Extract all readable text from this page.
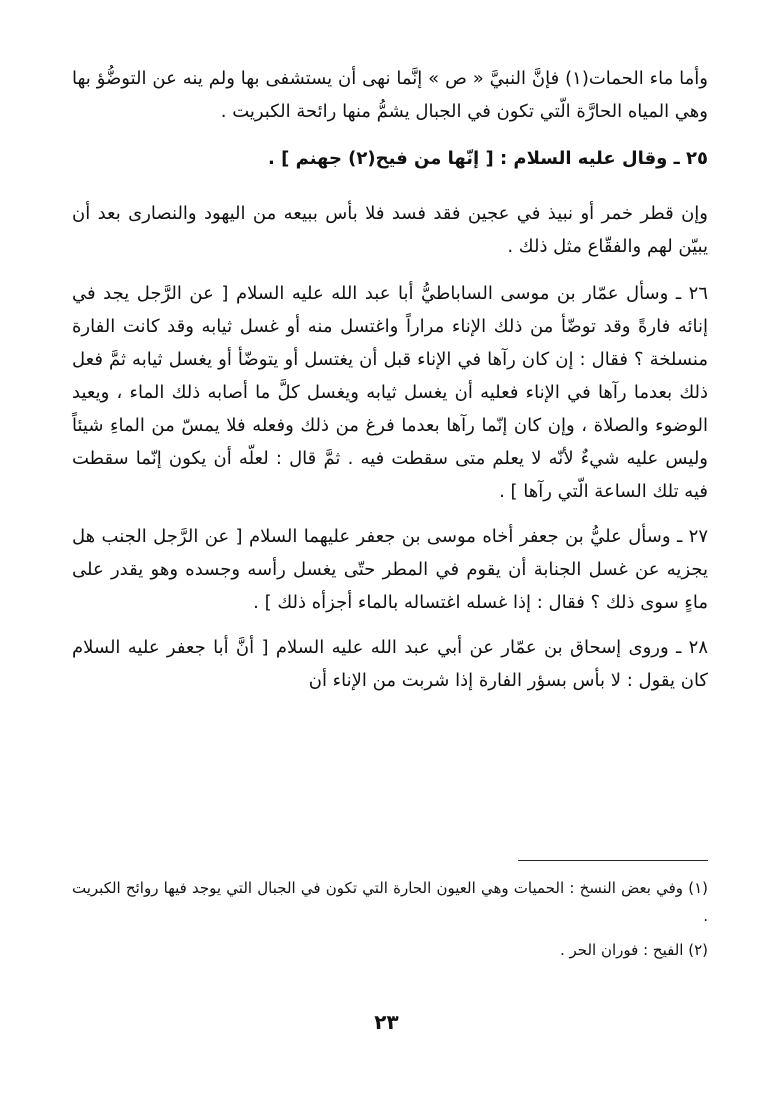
وأما ماء الحمات(١) فإنَّ النبيَّ « ص » إنَّما نهى أن يستشفى بها ولم ينه عن التوضُّؤ بها وهي المياه الحارَّة الّتي تكون في الجبال يشمُّ منها رائحة الكبريت .

٢٥ ـ وقال عليه السلام : [ إنّها من فيح(٢) جهنم ] .

وإن قطر خمر أو نبيذ في عجين فقد فسد فلا بأس ببيعه من اليهود والنصارى بعد أن يبيّن لهم والفقّاع مثل ذلك .

٢٦ ـ وسأل عمّار بن موسى الساباطيُّ أبا عبد الله عليه السلام [ عن الرَّجل يجد في إنائه فارةً وقد توضّأ من ذلك الإناء مراراً واغتسل منه أو غسل ثيابه وقد كانت الفارة منسلخة ؟ فقال : إن كان رآها في الإناء قبل أن يغتسل أو يتوضّأ أو يغسل ثيابه ثمَّ فعل ذلك بعدما رآها في الإناء فعليه أن يغسل ثيابه ويغسل كلَّ ما أصابه ذلك الماء ، ويعيد الوضوء والصلاة ، وإن كان إنّما رآها بعدما فرغ من ذلك وفعله فلا يمسّ من الماءِ شيئاً وليس عليه شيءٌ لأنّه لا يعلم متى سقطت فيه . ثمَّ قال : لعلّه أن يكون إنّما سقطت فيه تلك الساعة الّتي رآها ] .

٢٧ ـ وسأل عليُّ بن جعفر أخاه موسى بن جعفر عليهما السلام [ عن الرَّجل الجنب هل يجزيه عن غسل الجنابة أن يقوم في المطر حتّى يغسل رأسه وجسده وهو يقدر على ماءٍ سوى ذلك ؟ فقال : إذا غسله اغتساله بالماء أجزأه ذلك ] .

٢٨ ـ وروى إسحاق بن عمّار عن أبي عبد الله عليه السلام [ أنَّ أبا جعفر عليه السلام كان يقول : لا بأس بسؤر الفارة إذا شربت من الإناء أن

(١) وفي بعض النسخ : الحميات وهي العيون الحارة التي تكون في الجبال التي يوجد فيها روائح الكبريت .

(٢) الفيح : فوران الحر .

٢٣
